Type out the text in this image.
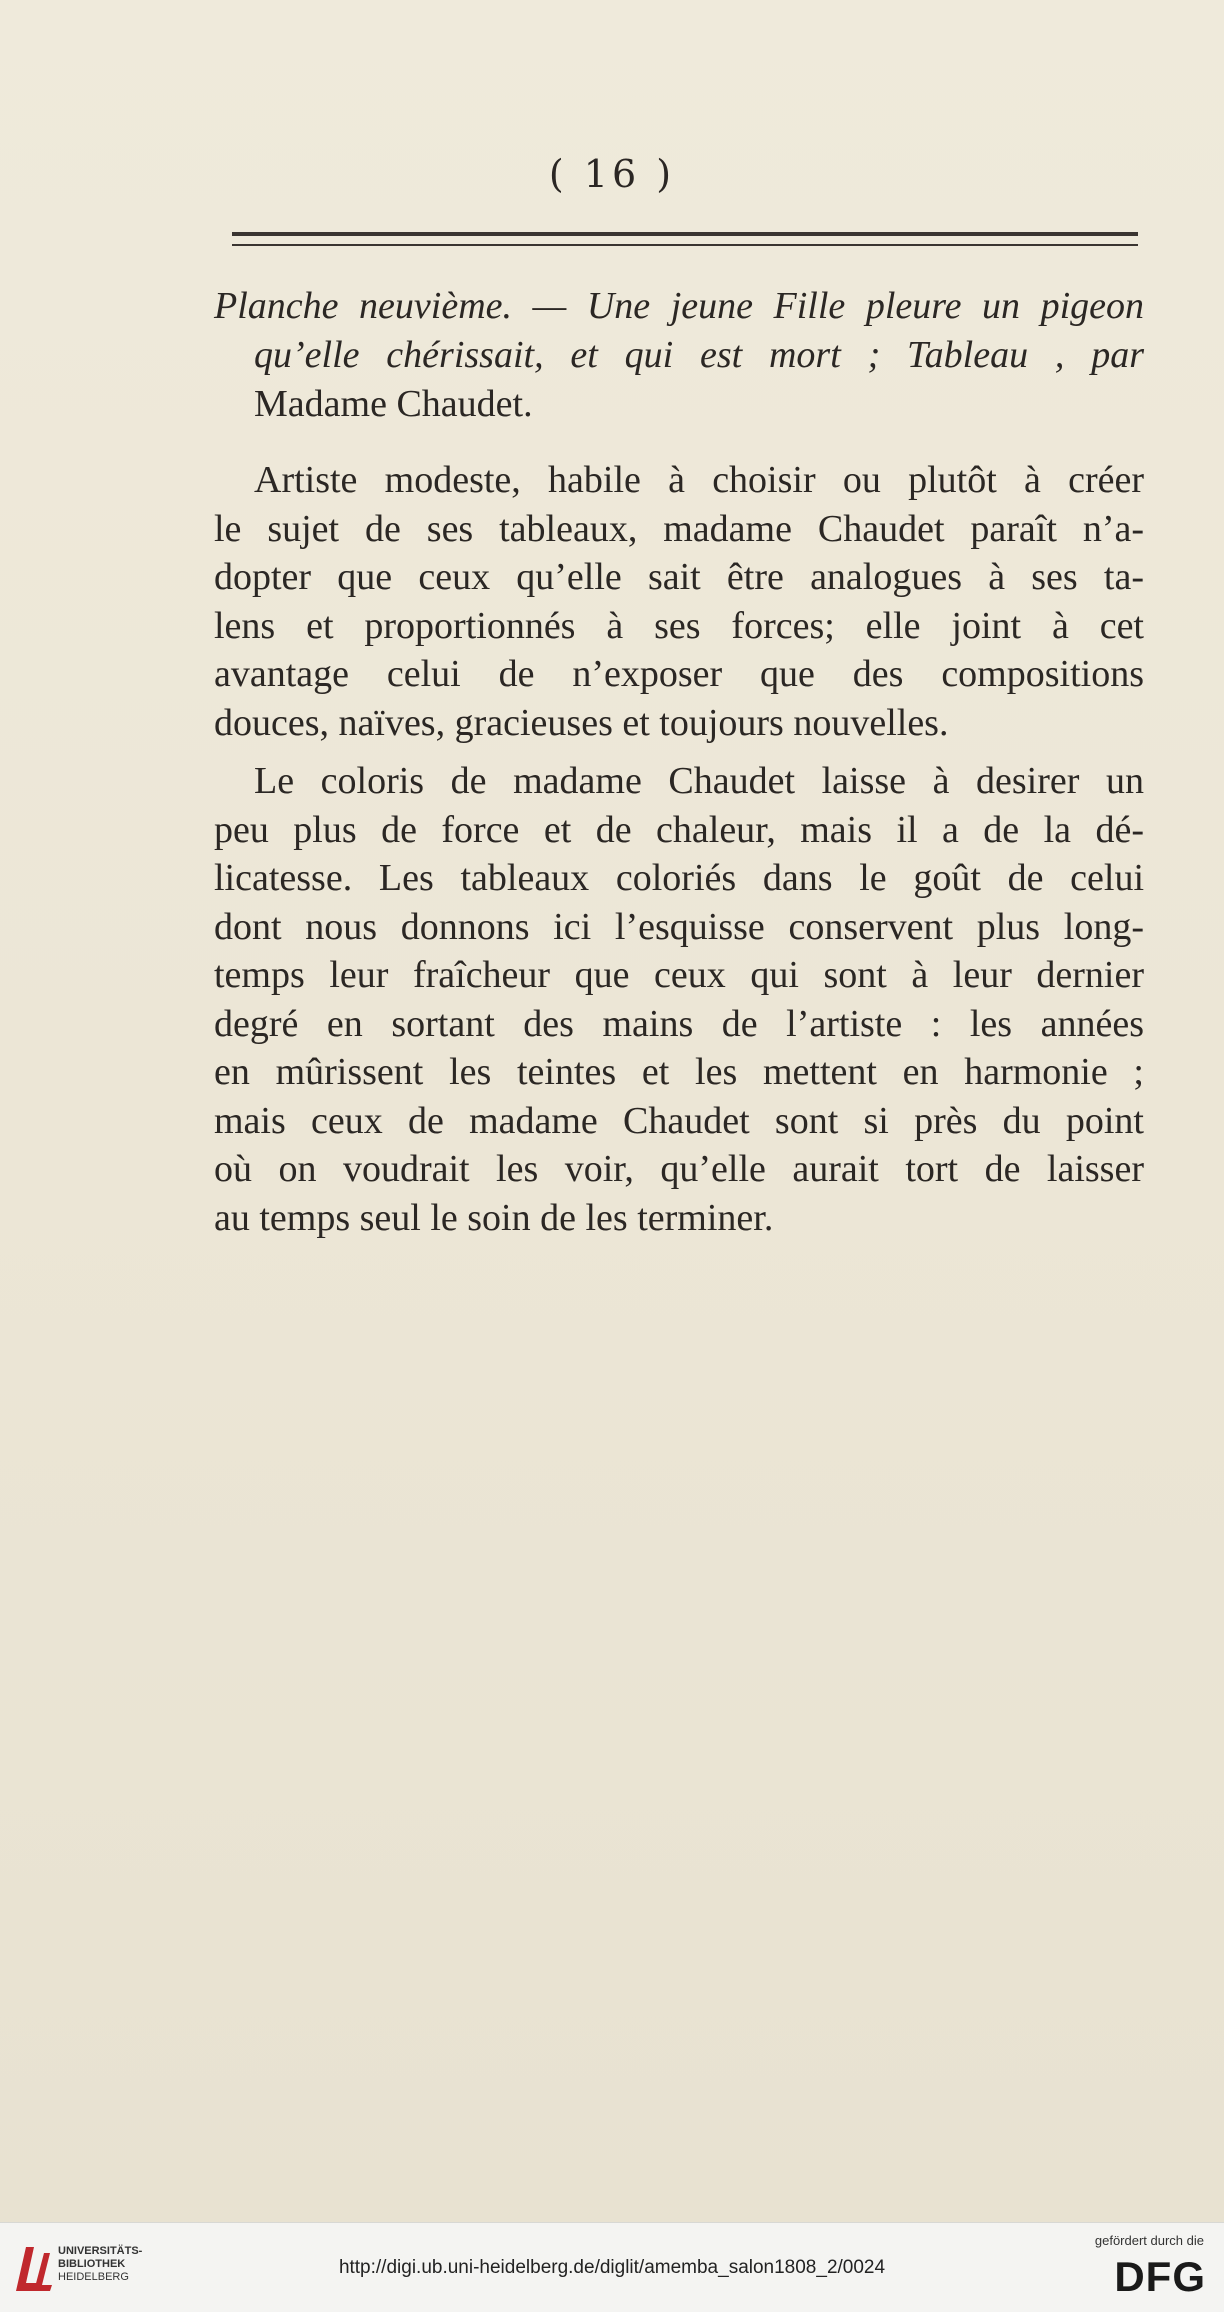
( 16 )
Planche neuvième. — Une jeune Fille pleure un pigeon
qu’elle chérissait, et qui est mort ; Tableau , par
Madame Chaudet.
Artiste modeste, habile à choisir ou plutôt à créer
le sujet de ses tableaux, madame Chaudet paraît n’a-
dopter que ceux qu’elle sait être analogues à ses ta-
lens et proportionnés à ses forces; elle joint à cet
avantage celui de n’exposer que des compositions
douces, naïves, gracieuses et toujours nouvelles.
Le coloris de madame Chaudet laisse à desirer un
peu plus de force et de chaleur, mais il a de la dé-
licatesse. Les tableaux coloriés dans le goût de celui
dont nous donnons ici l’esquisse conservent plus long-
temps leur fraîcheur que ceux qui sont à leur dernier
degré en sortant des mains de l’artiste : les années
en mûrissent les teintes et les mettent en harmonie ;
mais ceux de madame Chaudet sont si près du point
où on voudrait les voir, qu’elle aurait tort de laisser
au temps seul le soin de les terminer.
UNIVERSITÄTS-
BIBLIOTHEK
HEIDELBERG	http://digi.ub.uni-heidelberg.de/diglit/amemba_salon1808_2/0024
gefördert durch die
DFG
